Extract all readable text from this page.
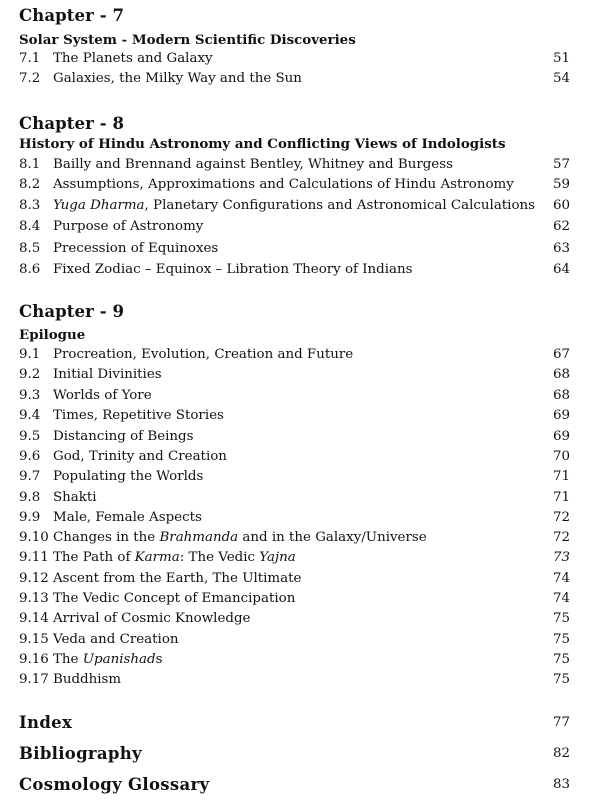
Chapter - 7
Solar System - Modern Scientific Discoveries
7.1 The Planets and Galaxy	51
7.2 Galaxies, the Milky Way and the Sun	54
Chapter - 8
History of Hindu Astronomy and Conflicting Views of Indologists
8.1 Bailly and Brennand against Bentley, Whitney and Burgess	57
8.2 Assumptions, Approximations and Calculations of Hindu Astronomy	59
8.3 Yuga Dharma, Planetary Configurations and Astronomical Calculations 60
8.4 Purpose of Astronomy	62
8.5 Precession of Equinoxes	63
8.6 Fixed Zodiac – Equinox – Libration Theory of Indians	64
Chapter - 9
Epilogue
9.1 Procreation, Evolution, Creation and Future	67
9.2 Initial Divinities	68
9.3 Worlds of Yore	68
9.4 Times, Repetitive Stories	69
9.5 Distancing of Beings	69
9.6 God, Trinity and Creation	70
9.7 Populating the Worlds	71
9.8 Shakti	71
9.9 Male, Female Aspects	72
9.10 Changes in the Brahmanda and in the Galaxy/Universe	72
9.11 The Path of Karma: The Vedic Yajna	73
9.12 Ascent from the Earth, The Ultimate	74
9.13 The Vedic Concept of Emancipation	74
9.14 Arrival of Cosmic Knowledge	75
9.15 Veda and Creation	75
9.16 The Upanishads	75
9.17 Buddhism	75
Index	77
Bibliography	82
Cosmology Glossary	83
